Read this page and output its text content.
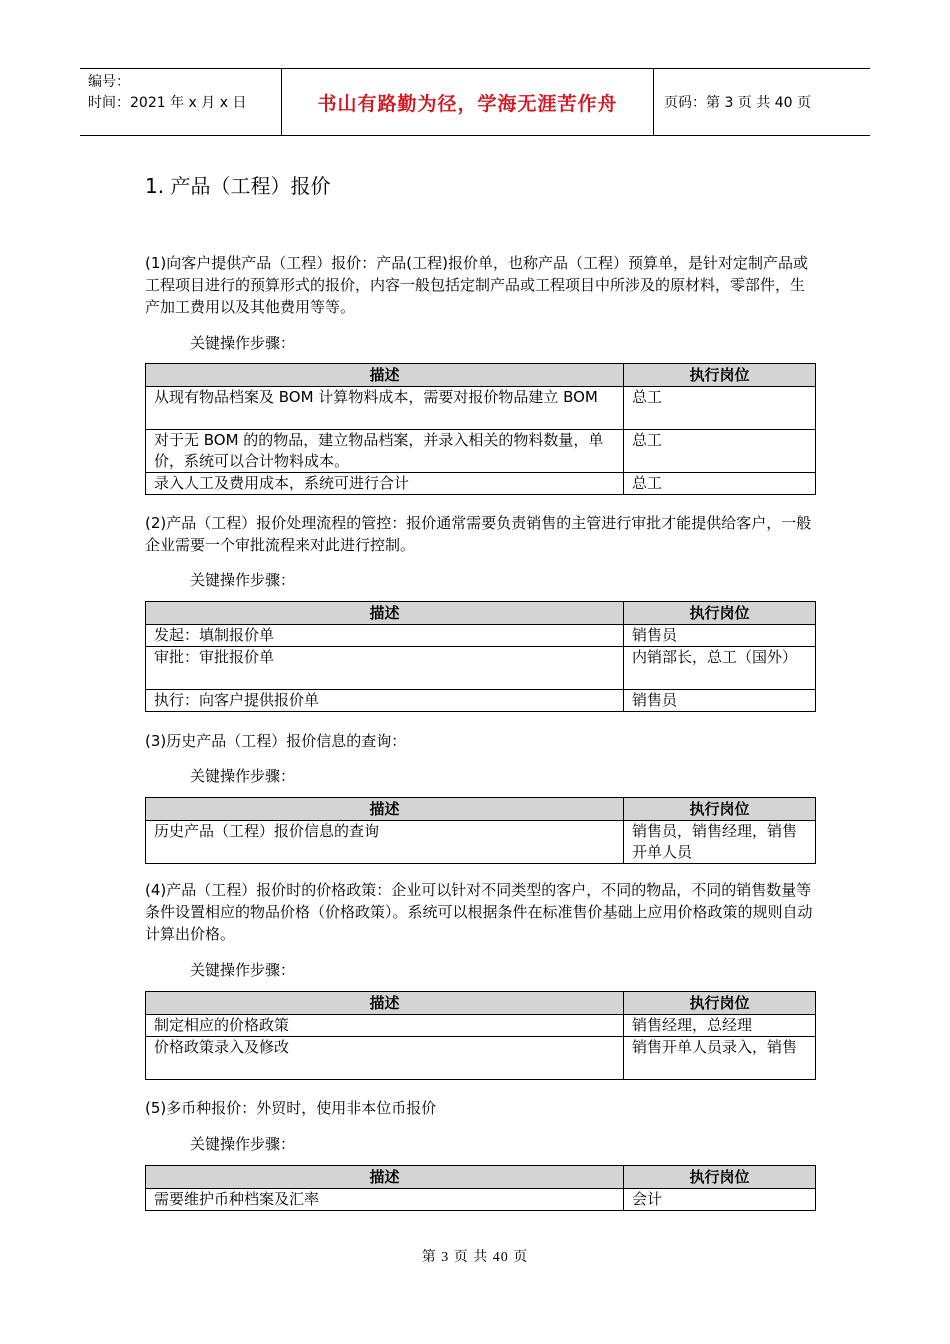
编号：
时间：2021 年 x 月 x 日	书山有路勤为径，学海无涯苦作舟	页码：第 3 页 共 40 页
1. 产品（工程）报价
(1)向客户提供产品（工程）报价：产品(工程)报价单，也称产品（工程）预算单，是针对定制产品或工程项目进行的预算形式的报价，内容一般包括定制产品或工程项目中所涉及的原材料，零部件，生产加工费用以及其他费用等等。
关键操作步骤：
描述	执行岗位
从现有物品档案及 BOM 计算物料成本，需要对报价物品建立 BOM	总工
对于无 BOM 的的物品，建立物品档案，并录入相关的物料数量，单价，系统可以合计物料成本。	总工
录入人工及费用成本，系统可进行合计	总工
(2)产品（工程）报价处理流程的管控：报价通常需要负责销售的主管进行审批才能提供给客户，一般企业需要一个审批流程来对此进行控制。
关键操作步骤：
描述	执行岗位
发起：填制报价单	销售员
审批：审批报价单	内销部长，总工（国外）
执行：向客户提供报价单	销售员
(3)历史产品（工程）报价信息的查询：
关键操作步骤：
描述	执行岗位
历史产品（工程）报价信息的查询	销售员，销售经理，销售开单人员
(4)产品（工程）报价时的价格政策：企业可以针对不同类型的客户，不同的物品，不同的销售数量等条件设置相应的物品价格（价格政策）。系统可以根据条件在标准售价基础上应用价格政策的规则自动计算出价格。
关键操作步骤：
描述	执行岗位
制定相应的价格政策	销售经理，总经理
价格政策录入及修改	销售开单人员录入，销售
(5)多币种报价：外贸时，使用非本位币报价
关键操作步骤：
描述	执行岗位
需要维护币种档案及汇率	会计
第 3 页 共 40 页
